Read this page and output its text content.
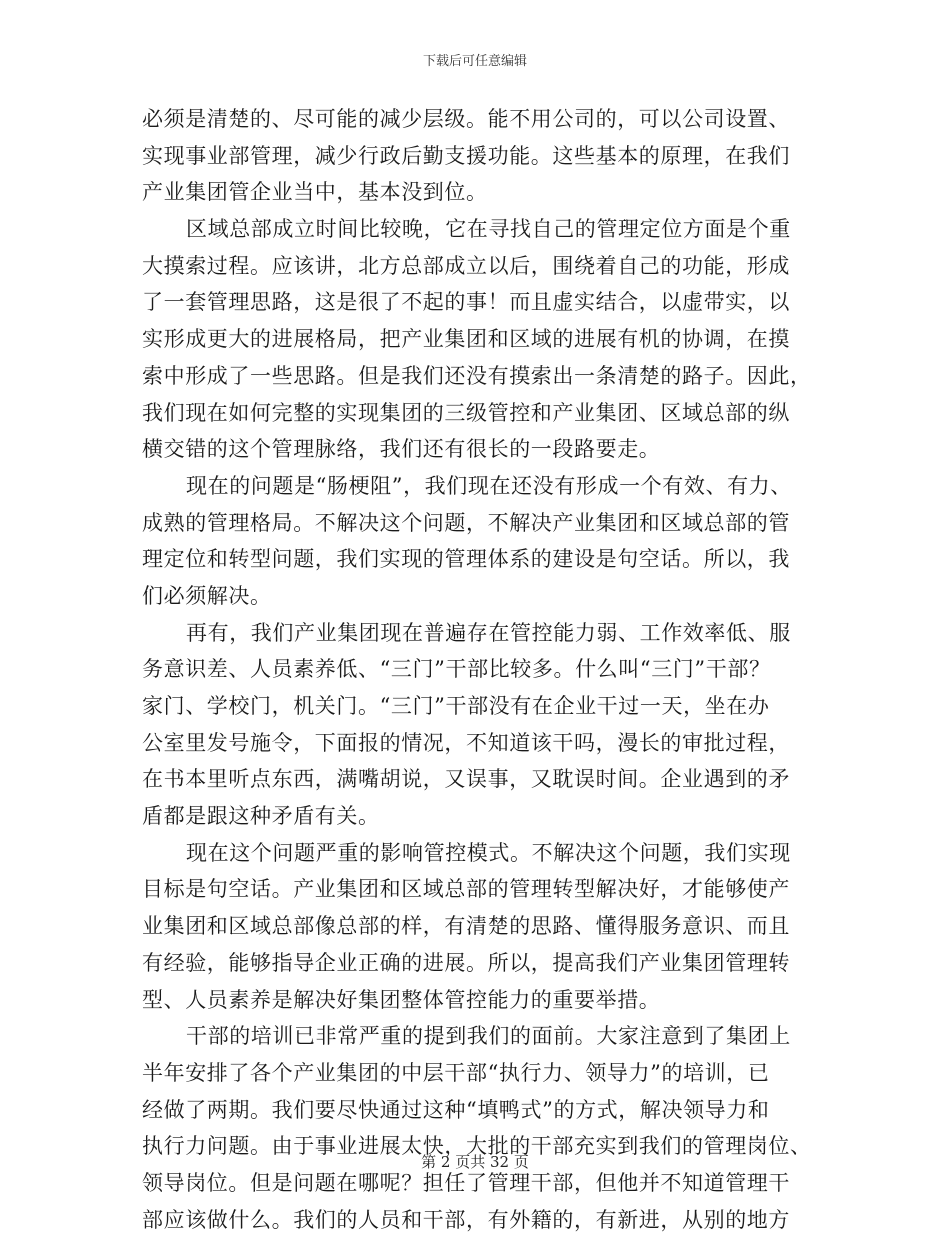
下载后可任意编辑
必须是清楚的、尽可能的减少层级。能不用公司的，可以公司设置、
实现事业部管理，减少行政后勤支援功能。这些基本的原理，在我们
产业集团管企业当中，基本没到位。
区域总部成立时间比较晚，它在寻找自己的管理定位方面是个重
大摸索过程。应该讲，北方总部成立以后，围绕着自己的功能，形成
了一套管理思路，这是很了不起的事！而且虚实结合，以虚带实，以
实形成更大的进展格局，把产业集团和区域的进展有机的协调，在摸
索中形成了一些思路。但是我们还没有摸索出一条清楚的路子。因此，
我们现在如何完整的实现集团的三级管控和产业集团、区域总部的纵
横交错的这个管理脉络，我们还有很长的一段路要走。
现在的问题是“肠梗阻”，我们现在还没有形成一个有效、有力、
成熟的管理格局。不解决这个问题，不解决产业集团和区域总部的管
理定位和转型问题，我们实现的管理体系的建设是句空话。所以，我
们必须解决。
再有，我们产业集团现在普遍存在管控能力弱、工作效率低、服
务意识差、人员素养低、“三门”干部比较多。什么叫“三门”干部？
家门、学校门，机关门。“三门”干部没有在企业干过一天，坐在办
公室里发号施令，下面报的情况，不知道该干吗，漫长的审批过程，
在书本里听点东西，满嘴胡说，又误事，又耽误时间。企业遇到的矛
盾都是跟这种矛盾有关。
现在这个问题严重的影响管控模式。不解决这个问题，我们实现
目标是句空话。产业集团和区域总部的管理转型解决好，才能够使产
业集团和区域总部像总部的样，有清楚的思路、懂得服务意识、而且
有经验，能够指导企业正确的进展。所以，提高我们产业集团管理转
型、人员素养是解决好集团整体管控能力的重要举措。
干部的培训已非常严重的提到我们的面前。大家注意到了集团上
半年安排了各个产业集团的中层干部“执行力、领导力”的培训，已
经做了两期。我们要尽快通过这种“填鸭式”的方式，解决领导力和
执行力问题。由于事业进展太快，大批的干部充实到我们的管理岗位、
领导岗位。但是问题在哪呢？担任了管理干部，但他并不知道管理干
部应该做什么。我们的人员和干部，有外籍的，有新进，从别的地方
第 2 页共 32 页
